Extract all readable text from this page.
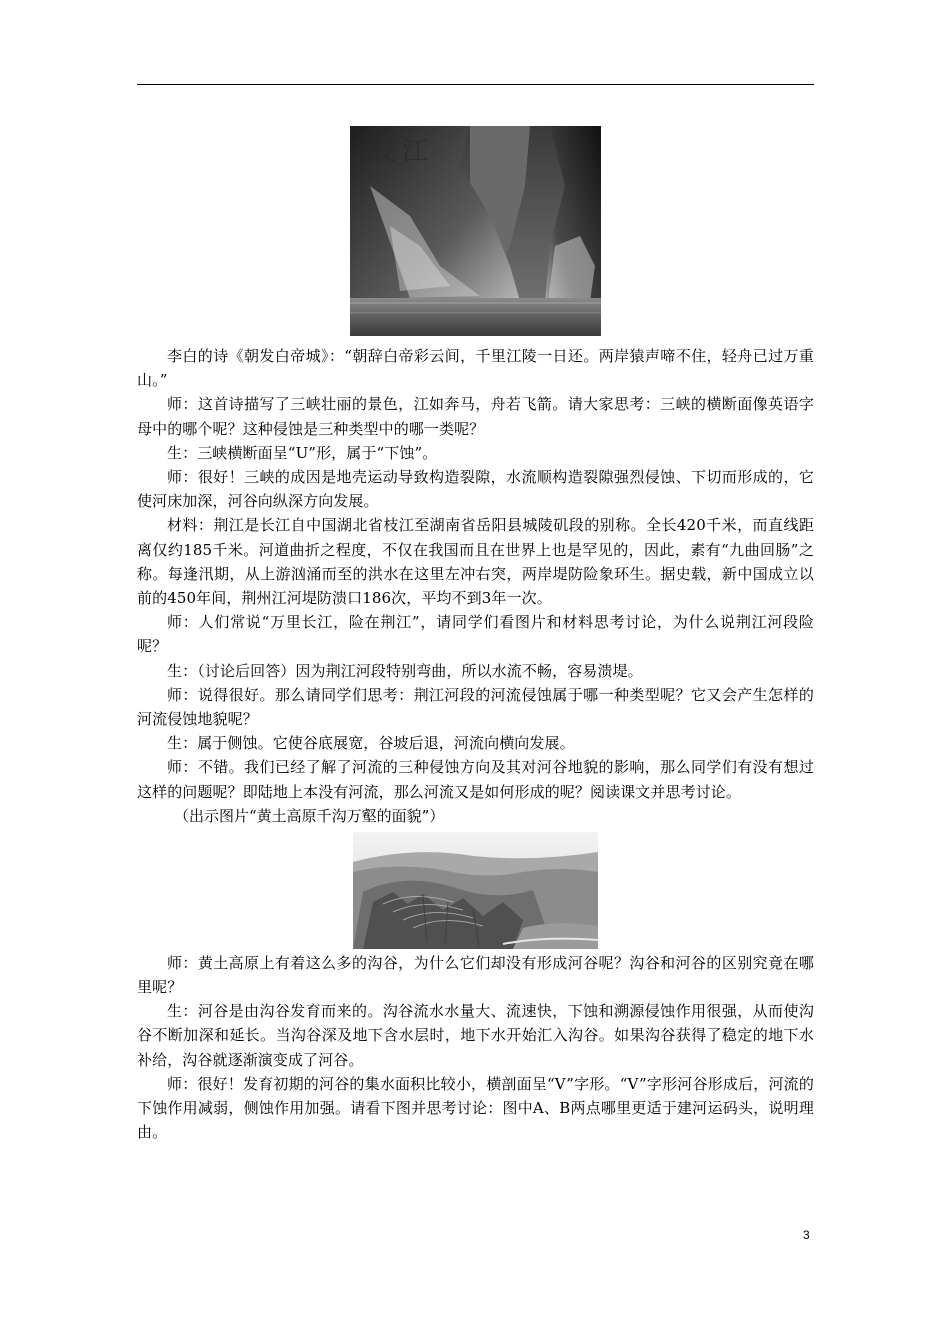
長江

李白的诗《朝发白帝城》：“朝辞白帝彩云间，千里江陵一日还。两岸猿声啼不住，轻舟已过万重山。”

师：这首诗描写了三峡壮丽的景色，江如奔马，舟若飞箭。请大家思考：三峡的横断面像英语字母中的哪个呢？这种侵蚀是三种类型中的哪一类呢？

生：三峡横断面呈“U”形，属于“下蚀”。

师：很好！三峡的成因是地壳运动导致构造裂隙，水流顺构造裂隙强烈侵蚀、下切而形成的，它使河床加深，河谷向纵深方向发展。

材料：荆江是长江自中国湖北省枝江至湖南省岳阳县城陵矶段的别称。全长420千米，而直线距离仅约185千米。河道曲折之程度，不仅在我国而且在世界上也是罕见的，因此，素有“九曲回肠”之称。每逢汛期，从上游汹涌而至的洪水在这里左冲右突，两岸堤防险象环生。据史载，新中国成立以前的450年间，荆州江河堤防溃口186次，平均不到3年一次。

师：人们常说“万里长江，险在荆江”，请同学们看图片和材料思考讨论，为什么说荆江河段险呢？

生：（讨论后回答）因为荆江河段特别弯曲，所以水流不畅，容易溃堤。

师：说得很好。那么请同学们思考：荆江河段的河流侵蚀属于哪一种类型呢？它又会产生怎样的河流侵蚀地貌呢？

生：属于侧蚀。它使谷底展宽，谷坡后退，河流向横向发展。

师：不错。我们已经了解了河流的三种侵蚀方向及其对河谷地貌的影响，那么同学们有没有想过这样的问题呢？即陆地上本没有河流，那么河流又是如何形成的呢？阅读课文并思考讨论。

（出示图片“黄土高原千沟万壑的面貌”）

师：黄土高原上有着这么多的沟谷，为什么它们却没有形成河谷呢？沟谷和河谷的区别究竟在哪里呢？

生：河谷是由沟谷发育而来的。沟谷流水水量大、流速快，下蚀和溯源侵蚀作用很强，从而使沟谷不断加深和延长。当沟谷深及地下含水层时，地下水开始汇入沟谷。如果沟谷获得了稳定的地下水补给，沟谷就逐渐演变成了河谷。

师：很好！发育初期的河谷的集水面积比较小，横剖面呈“V”字形。“V”字形河谷形成后，河流的下蚀作用减弱，侧蚀作用加强。请看下图并思考讨论：图中A、B两点哪里更适于建河运码头，说明理由。

3
